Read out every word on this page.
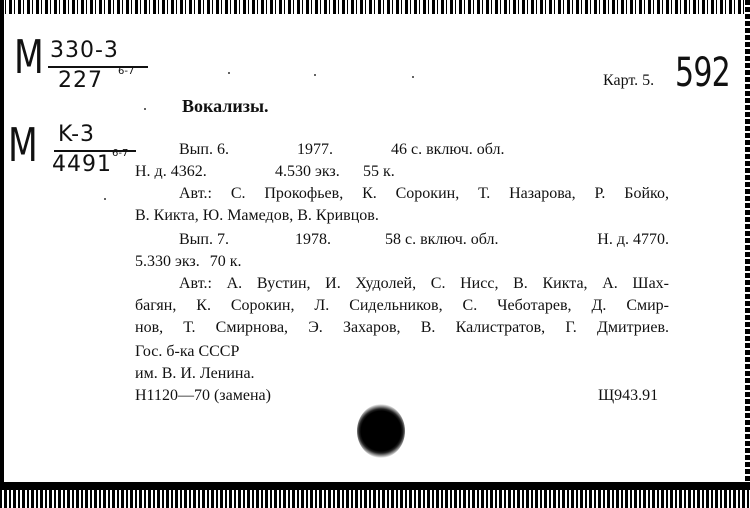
M 330-3
227 6-7
M K-3
4491 6-7
Карт. 5. 592
Вокализы.
Вып. 6.	1977.	46 с. включ. обл.
Н. д. 4362.	4.530 экз. 55 к.
Авт.: С. Прокофьев, К. Сорокин, Т. Назарова, Р. Бойко,
В. Кикта, Ю. Мамедов, В. Кривцов.
Вып. 7.	1978.	58 с. включ. обл.	Н. д. 4770.
5.330 экз. 70 к.
Авт.: А. Вустин, И. Худолей, С. Нисс, В. Кикта, А. Шах-
багян, К. Сорокин, Л. Сидельников, С. Чеботарев, Д. Смир-
нов, Т. Смирнова, Э. Захаров, В. Калистратов, Г. Дмитриев.
Гос. б-ка СССР
им. В. И. Ленина.
Н1120—70 (замена)	Щ943.91
